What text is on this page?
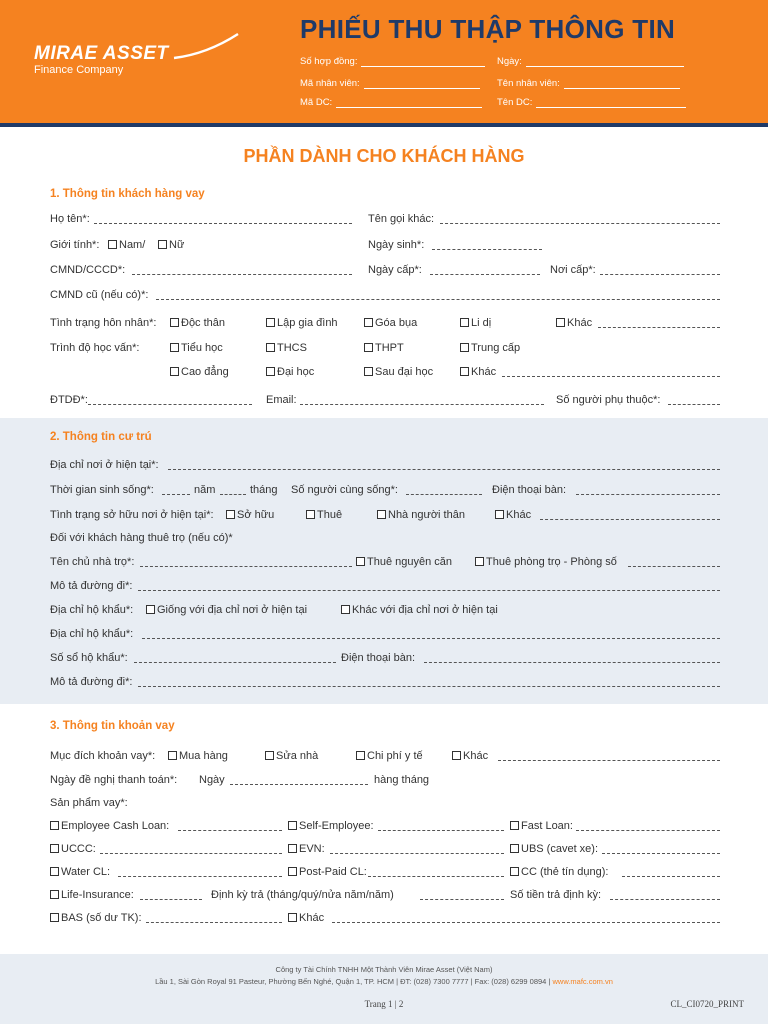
MIRAE ASSET
Finance Company
PHIẾU THU THẬP THÔNG TIN
Số hợp đồng:	Ngày:
Mã nhân viên:	Tên nhân viên:
Mã DC:	Tên DC:
PHẦN DÀNH CHO KHÁCH HÀNG
1. Thông tin khách hàng vay
Họ tên*:	Tên gọi khác:
Giới tính*:	Nam/	Nữ	Ngày sinh*:
CMND/CCCD*:	Ngày cấp*:	Nơi cấp*:
CMND cũ (nếu có)*:
Tình trạng hôn nhân*:	Độc thân	Lập gia đình	Góa bụa	Li dị	Khác
Trình độ học vấn*:	Tiểu học	THCS	THPT	Trung cấp
Cao đẳng	Đại học	Sau đại học	Khác
ĐTDĐ*:	Email:	Số người phụ thuộc*:
2. Thông tin cư trú
Địa chỉ nơi ở hiện tại*:
Thời gian sinh sống*:	năm	tháng Số người cùng sống*:	Điện thoại bàn:
Tình trạng sở hữu nơi ở hiện tại*:	Sở hữu	Thuê	Nhà người thân	Khác
Đối với khách hàng thuê trọ (nếu có)*
Tên chủ nhà trọ*:	Thuê nguyên căn	Thuê phòng trọ - Phòng số
Mô tả đường đi*:
Địa chỉ hộ khẩu*:	Giống với địa chỉ nơi ở hiện tại	Khác với địa chỉ nơi ở hiện tại
Địa chỉ hộ khẩu*:
Số sổ hộ khẩu*:	Điện thoại bàn:
Mô tả đường đi*:
3. Thông tin khoản vay
Mục đích khoản vay*:	Mua hàng	Sửa nhà	Chi phí y tế	Khác
Ngày đề nghị thanh toán*: Ngày	hàng tháng
Sản phẩm vay*:
Employee Cash Loan:	Self-Employee:	Fast Loan:
UCCC:	EVN:	UBS (cavet xe):
Water CL:	Post-Paid CL:	CC (thẻ tín dụng):
Life-Insurance:	Định kỳ trả (tháng/quý/nửa năm/năm)	Số tiền trả định kỳ:
BAS (số dư TK):	Khác
Công ty Tài Chính TNHH Một Thành Viên Mirae Asset (Việt Nam)
Lầu 1, Sài Gòn Royal 91 Pasteur, Phường Bến Nghé, Quận 1, TP. HCM | ĐT: (028) 7300 7777 | Fax: (028) 6299 0894 | www.mafc.com.vn
Trang 1 | 2	CL_CI0720_PRINT
